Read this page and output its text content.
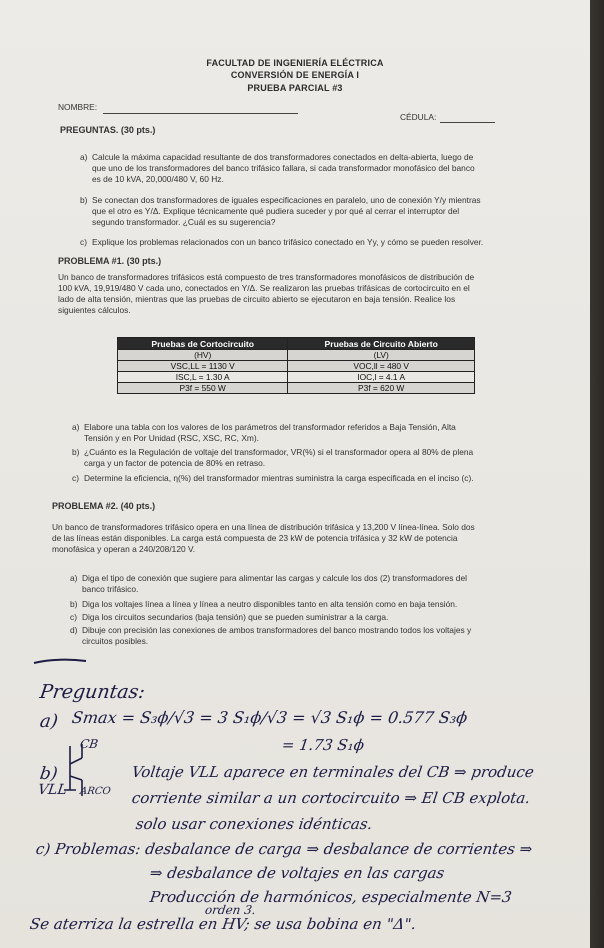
FACULTAD DE INGENIERÍA ELÉCTRICA
CONVERSIÓN DE ENERGÍA I
PRUEBA PARCIAL #3
NOMBRE:
CÉDULA:
PREGUNTAS. (30 pts.)
a) Calcule la máxima capacidad resultante de dos transformadores conectados en delta-abierta, luego de
que uno de los transformadores del banco trifásico fallara, si cada transformador monofásico del banco
es de 10 kVA, 20,000/480 V, 60 Hz.
b) Se conectan dos transformadores de iguales especificaciones en paralelo, uno de conexión Y/y mientras
que el otro es Y/Δ. Explique técnicamente qué pudiera suceder y por qué al cerrar el interruptor del
segundo transformador. ¿Cuál es su sugerencia?
c) Explique los problemas relacionados con un banco trifásico conectado en Yy, y cómo se pueden resolver.
PROBLEMA #1. (30 pts.)
Un banco de transformadores trifásicos está compuesto de tres transformadores monofásicos de distribución de
100 kVA, 19,919/480 V cada uno, conectados en Y/Δ. Se realizaron las pruebas trifásicas de cortocircuito en el
lado de alta tensión, mientras que las pruebas de circuito abierto se ejecutaron en baja tensión. Realice los
siguientes cálculos.
Pruebas de Cortocircuito	Pruebas de Circuito Abierto
(HV)	(LV)
VSC,LL = 1130 V	VOC,ll = 480 V
ISC,L = 1.30 A	IOC,l = 4.1 A
P3f = 550 W	P3f = 620 W
a) Elabore una tabla con los valores de los parámetros del transformador referidos a Baja Tensión, Alta
Tensión y en Por Unidad (RSC, XSC, RC, Xm).
b) ¿Cuánto es la Regulación de voltaje del transformador, VR(%) si el transformador opera al 80% de plena
carga y un factor de potencia de 80% en retraso.
c) Determine la eficiencia, η(%) del transformador mientras suministra la carga especificada en el inciso (c).
PROBLEMA #2. (40 pts.)
Un banco de transformadores trifásico opera en una línea de distribución trifásica y 13,200 V línea-línea. Solo dos
de las líneas están disponibles. La carga está compuesta de 23 kW de potencia trifásica y 32 kW de potencia
monofásica y operan a 240/208/120 V.
a) Diga el tipo de conexión que sugiere para alimentar las cargas y calcule los dos (2) transformadores del
banco trifásico.
b) Diga los voltajes línea a línea y línea a neutro disponibles tanto en alta tensión como en baja tensión.
c) Diga los circuitos secundarios (baja tensión) que se pueden suministrar a la carga.
d) Dibuje con precisión las conexiones de ambos transformadores del banco mostrando todos los voltajes y
circuitos posibles.
Preguntas:
a) Smax = S₃ϕ/√3 = 3 S₁ϕ/√3 = √3 S₁ϕ = 0.577 S₃ϕ
= 1.73 S₁ϕ
b)
VLL
CB
ARCO
Voltaje VLL aparece en terminales del CB ⇒ produce
corriente similar a un cortocircuito ⇒ El CB explota.
solo usar conexiones idénticas.
c) Problemas: desbalance de carga ⇒ desbalance de corrientes ⇒
⇒ desbalance de voltajes en las cargas
Producción de harmónicos, especialmente N=3
orden 3.
Se aterriza la estrella en HV; se usa bobina en "Δ".
